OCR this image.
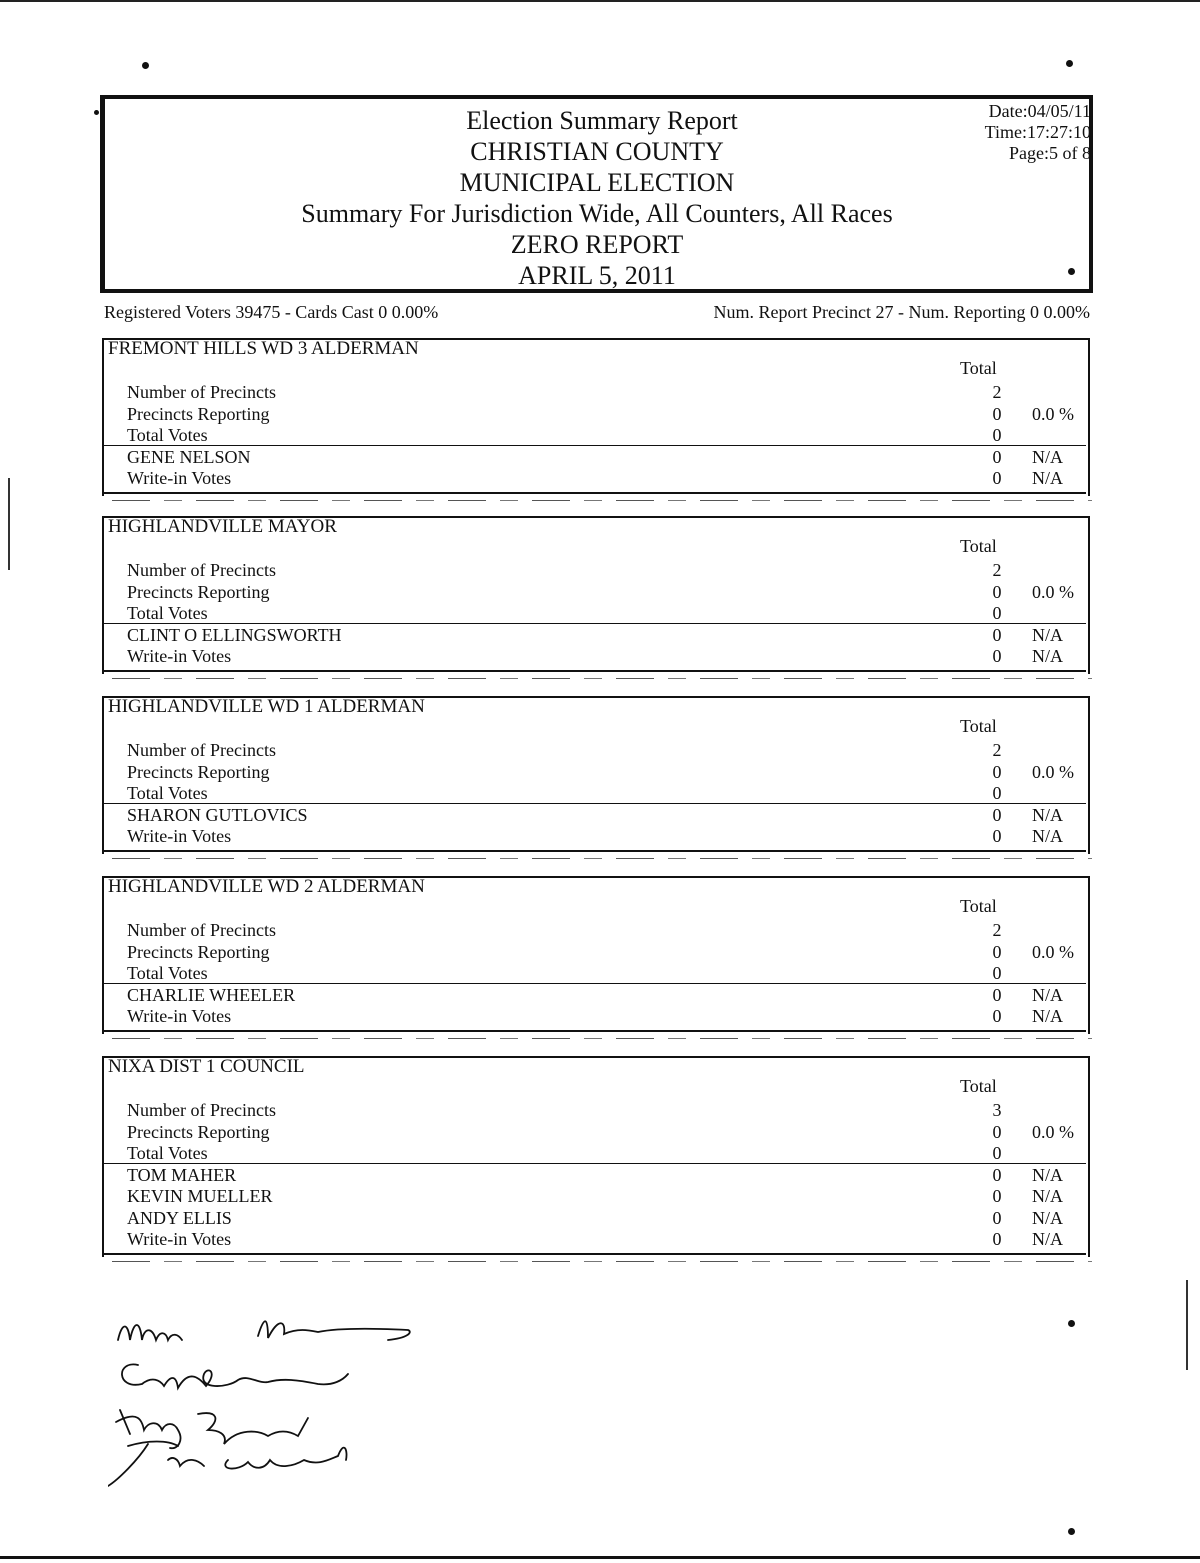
Election Summary Report
CHRISTIAN COUNTY
MUNICIPAL ELECTION
Summary For Jurisdiction Wide, All Counters, All Races
ZERO REPORT
APRIL 5, 2011
Date:04/05/11
Time:17:27:10
Page:5 of 8
Registered Voters 39475 - Cards Cast 0 0.00%	Num. Report Precinct 27 - Num. Reporting 0 0.00%
FREMONT HILLS WD 3 ALDERMAN
Total
Number of Precincts	2
Precincts Reporting	0 0.0 %
Total Votes	0
GENE NELSON	0 N/A
Write-in Votes	0 N/A
HIGHLANDVILLE MAYOR
Total
Number of Precincts	2
Precincts Reporting	0 0.0 %
Total Votes	0
CLINT O ELLINGSWORTH	0 N/A
Write-in Votes	0 N/A
HIGHLANDVILLE WD 1 ALDERMAN
Total
Number of Precincts	2
Precincts Reporting	0 0.0 %
Total Votes	0
SHARON GUTLOVICS	0 N/A
Write-in Votes	0 N/A
HIGHLANDVILLE WD 2 ALDERMAN
Total
Number of Precincts	2
Precincts Reporting	0 0.0 %
Total Votes	0
CHARLIE WHEELER	0 N/A
Write-in Votes	0 N/A
NIXA DIST 1 COUNCIL
Total
Number of Precincts	3
Precincts Reporting	0 0.0 %
Total Votes	0
TOM MAHER	0 N/A
KEVIN MUELLER	0 N/A
ANDY ELLIS	0 N/A
Write-in Votes	0 N/A
